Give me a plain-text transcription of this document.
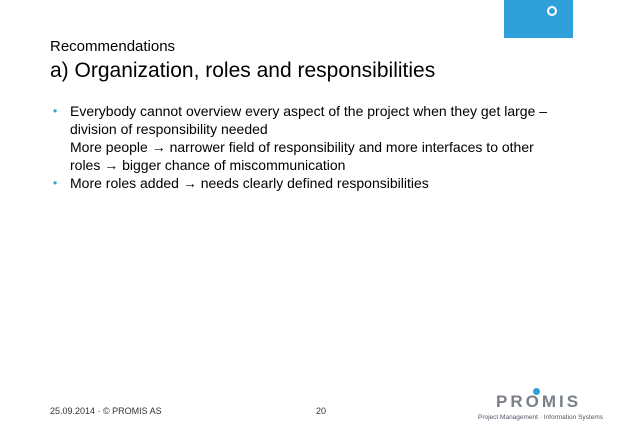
Recommendations
a) Organization, roles and responsibilities
• Everybody cannot overview every aspect of the project when they get large –
division of responsibility needed
More people → narrower field of responsibility and more interfaces to other
roles → bigger chance of miscommunication
• More roles added → needs clearly defined responsibilities
25.09.2014 · © PROMIS AS	20	PROMIS
Project Management · Information Systems
